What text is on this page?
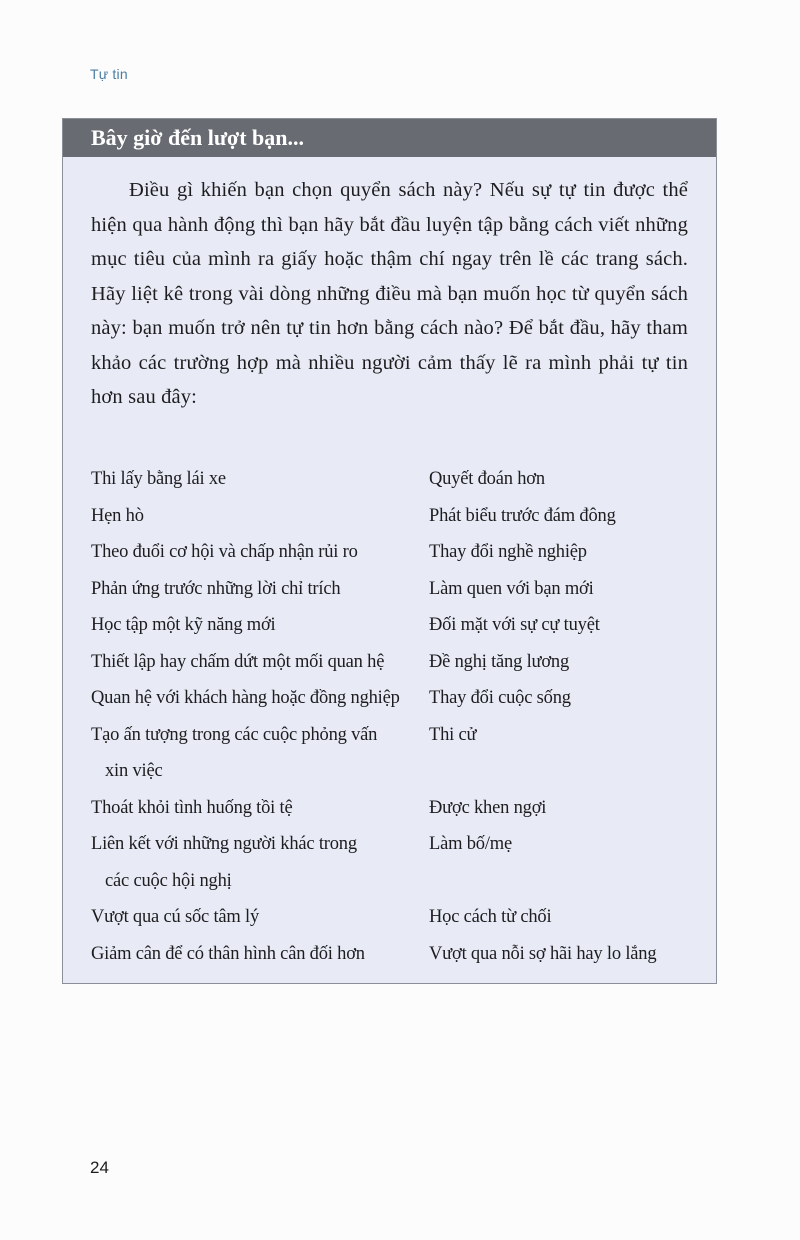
Tự tin
Bây giờ đến lượt bạn...

Điều gì khiến bạn chọn quyển sách này? Nếu sự tự tin được thể hiện qua hành động thì bạn hãy bắt đầu luyện tập bằng cách viết những mục tiêu của mình ra giấy hoặc thậm chí ngay trên lề các trang sách. Hãy liệt kê trong vài dòng những điều mà bạn muốn học từ quyển sách này: bạn muốn trở nên tự tin hơn bằng cách nào? Để bắt đầu, hãy tham khảo các trường hợp mà nhiều người cảm thấy lẽ ra mình phải tự tin hơn sau đây:

Thi lấy bằng lái xe
Hẹn hò
Theo đuổi cơ hội và chấp nhận rủi ro
Phản ứng trước những lời chỉ trích
Học tập một kỹ năng mới
Thiết lập hay chấm dứt một mối quan hệ
Quan hệ với khách hàng hoặc đồng nghiệp
Tạo ấn tượng trong các cuộc phỏng vấn
xin việc
Thoát khỏi tình huống tồi tệ
Liên kết với những người khác trong
các cuộc hội nghị
Vượt qua cú sốc tâm lý
Giảm cân để có thân hình cân đối hơn
Quyết đoán hơn
Phát biểu trước đám đông
Thay đổi nghề nghiệp
Làm quen với bạn mới
Đối mặt với sự cự tuyệt
Đề nghị tăng lương
Thay đổi cuộc sống
Thi cử
Được khen ngợi
Làm bố/mẹ
Học cách từ chối
Vượt qua nỗi sợ hãi hay lo lắng
24
